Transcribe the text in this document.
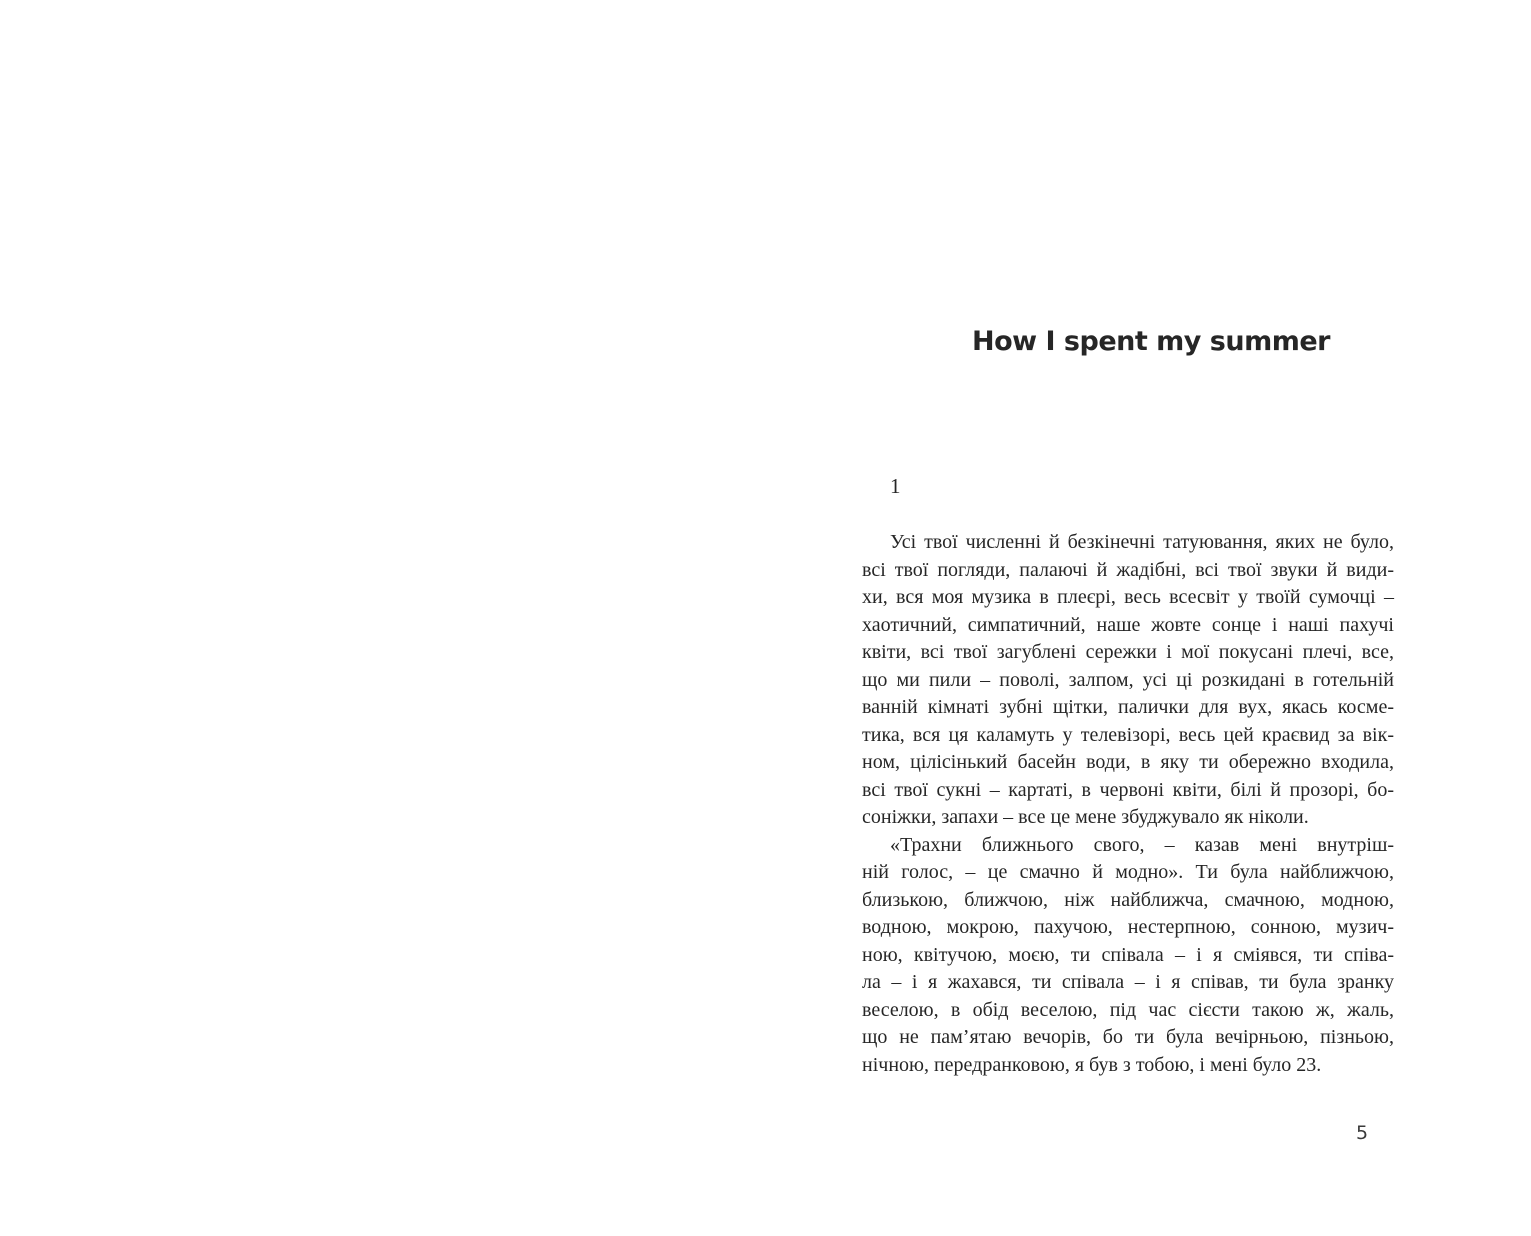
How I spent my summer

1

Усі твої численні й безкінечні татуювання, яких не було,
всі твої погляди, палаючі й жадібні, всі твої звуки й види-
хи, вся моя музика в плеєрі, весь всесвіт у твоїй сумочці –
хаотичний, симпатичний, наше жовте сонце і наші пахучі
квіти, всі твої загублені сережки і мої покусані плечі, все,
що ми пили – поволі, залпом, усі ці розкидані в готельній
ванній кімнаті зубні щітки, палички для вух, якась косме-
тика, вся ця каламуть у телевізорі, весь цей краєвид за вік-
ном, цілісінький басейн води, в яку ти обережно входила,
всі твої сукні – картаті, в червоні квіти, білі й прозорі, бо-
соніжки, запахи – все це мене збуджувало як ніколи.
«Трахни ближнього свого, – казав мені внутріш-
ній голос, – це смачно й модно». Ти була найближчою,
близькою, ближчою, ніж найближча, смачною, модною,
водною, мокрою, пахучою, нестерпною, сонною, музич-
ною, квітучою, моєю, ти співала – і я сміявся, ти співа-
ла – і я жахався, ти співала – і я співав, ти була зранку
веселою, в обід веселою, під час сієсти такою ж, жаль,
що не пам’ятаю вечорів, бо ти була вечірньою, пізньою,
нічною, передранковою, я був з тобою, і мені було 23.

5
